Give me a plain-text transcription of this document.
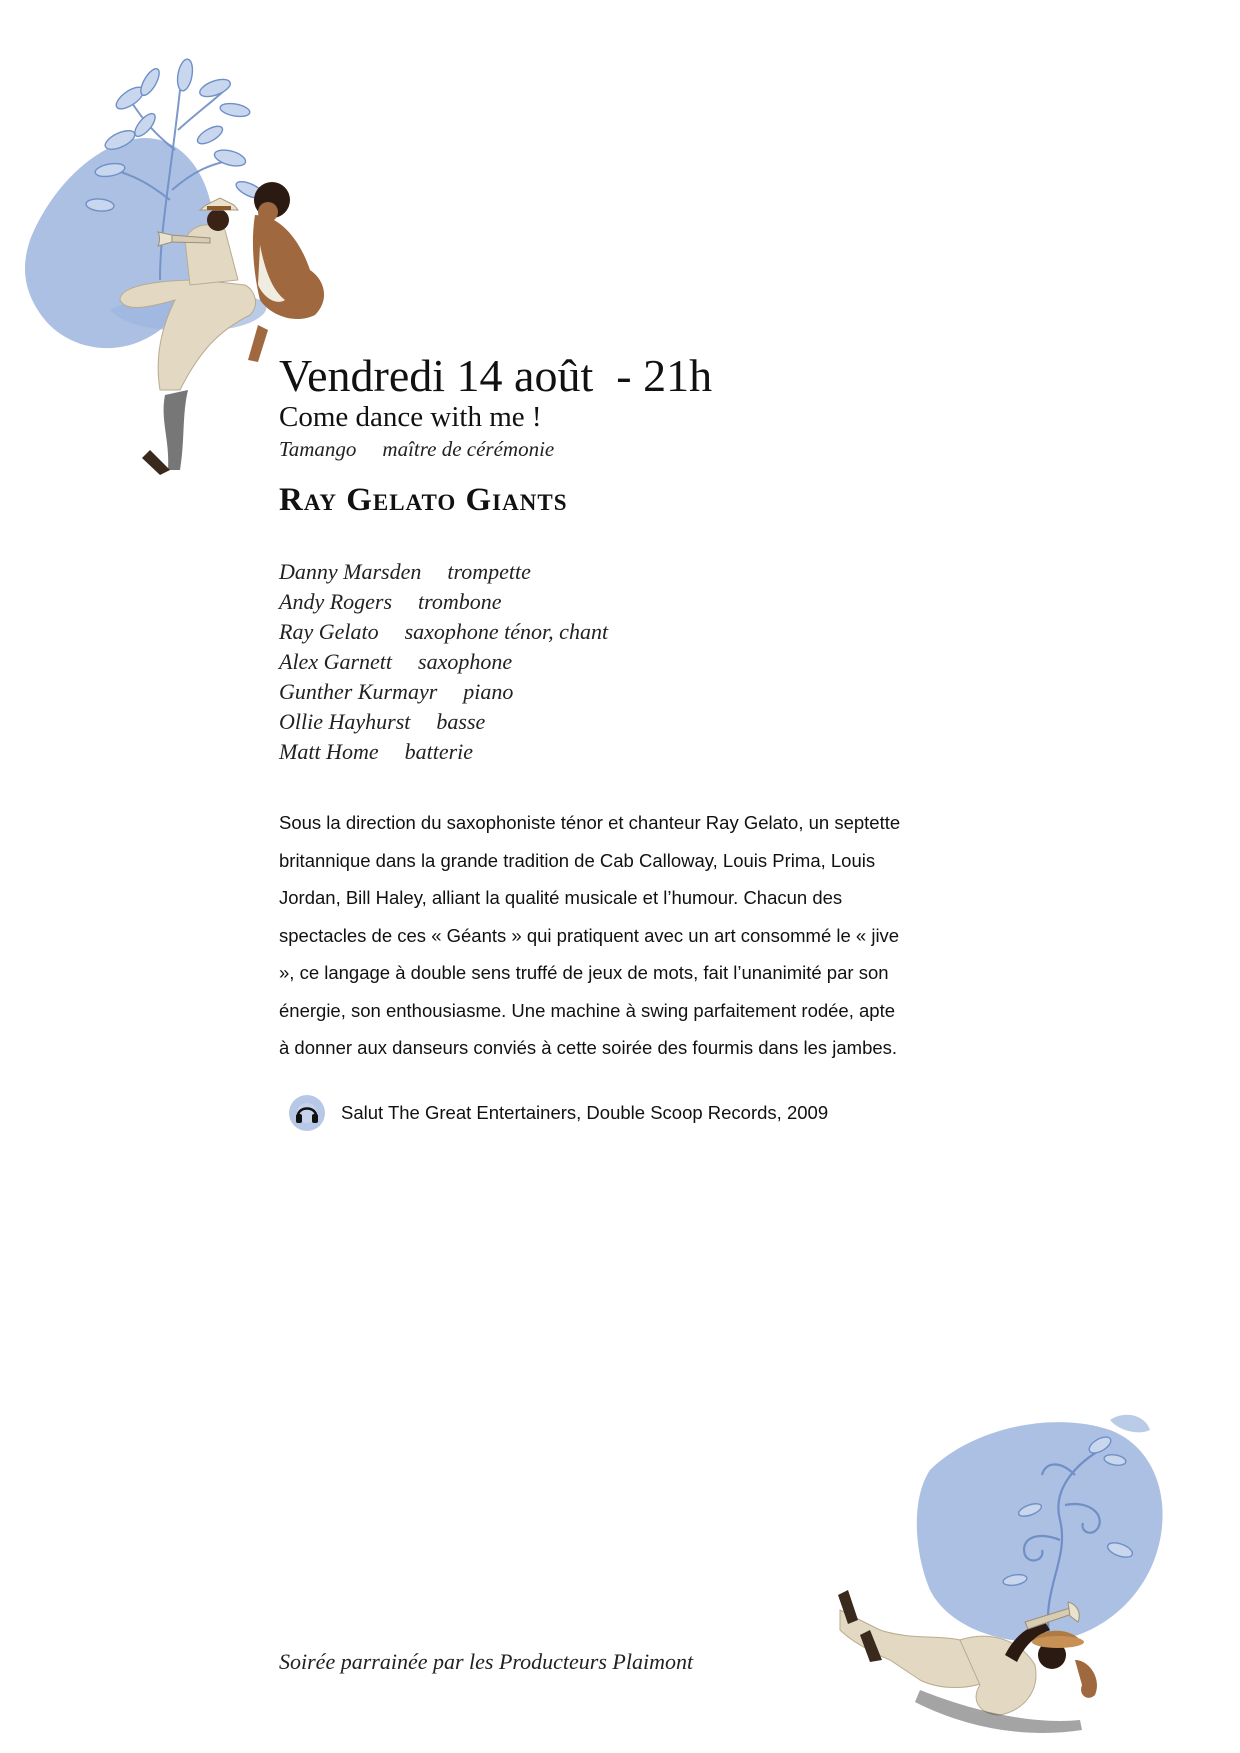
Vendredi 14 août  - 21h
Come dance with me !
Tamango maître de cérémonie
Ray Gelato Giants
Danny Marsden trompette
Andy Rogers trombone
Ray Gelato saxophone ténor, chant
Alex Garnett saxophone
Gunther Kurmayr piano
Ollie Hayhurst basse
Matt Home batterie

Sous la direction du saxophoniste ténor et chanteur Ray Gelato, un septette britannique dans la grande tradition de Cab Calloway, Louis Prima, Louis Jordan, Bill Haley, alliant la qualité musicale et l’humour. Chacun des spectacles de ces « Géants » qui pratiquent avec un art consommé le « jive », ce langage à double sens truffé de jeux de mots, fait l’unanimité par son énergie, son enthousiasme. Une machine à swing parfaitement rodée, apte à donner aux danseurs conviés à cette soirée des fourmis dans les jambes.

Salut The Great Entertainers, Double Scoop Records, 2009

Soirée parrainée par les Producteurs Plaimont
